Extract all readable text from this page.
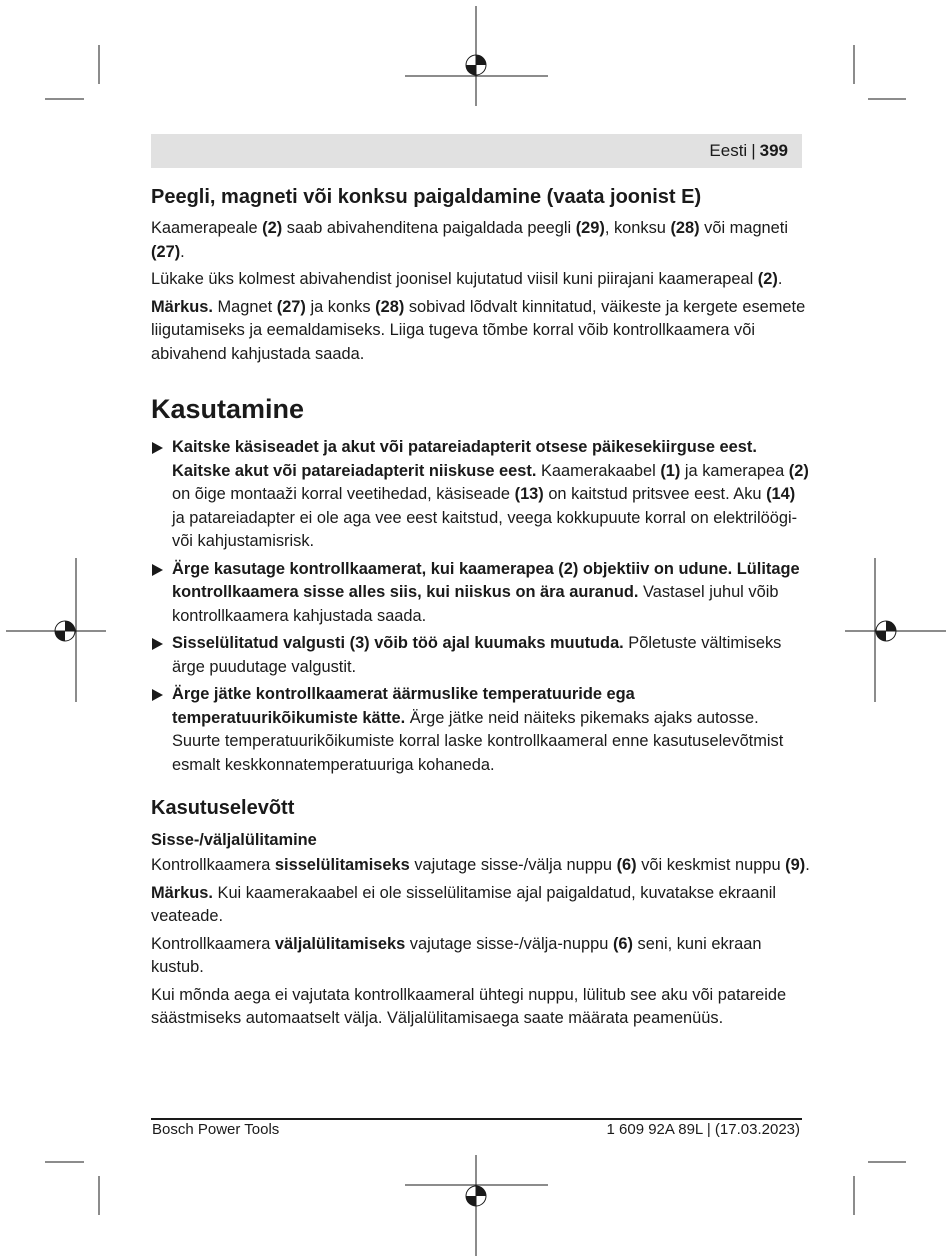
Eesti | 399
Peegli, magneti või konksu paigaldamine (vaata joonist E)

Kaamerapeale (2) saab abivahenditena paigaldada peegli (29), konksu (28) või magneti (27).

Lükake üks kolmest abivahendist joonisel kujutatud viisil kuni piirajani kaamerapeal (2).

Märkus. Magnet (27) ja konks (28) sobivad lõdvalt kinnitatud, väikeste ja kergete esemete liigutamiseks ja eemaldamiseks. Liiga tugeva tõmbe korral võib kontrollkaamera või abivahend kahjustada saada.

Kasutamine
Kaitske käsiseadet ja akut või patareiadapterit otsese päikesekiirguse eest. Kaitske akut või patareiadapterit niiskuse eest. Kaamerakaabel (1) ja kamerapea (2) on õige montaaži korral veetihedad, käsiseade (13) on kaitstud pritsvee eest. Aku (14) ja patareiadapter ei ole aga vee eest kaitstud, veega kokkupuute korral on elektrilöögi- või kahjustamisrisk.
Ärge kasutage kontrollkaamerat, kui kaamerapea (2) objektiiv on udune. Lülitage kontrollkaamera sisse alles siis, kui niiskus on ära auranud. Vastasel juhul võib kontrollkaamera kahjustada saada.
Sisselülitatud valgusti (3) võib töö ajal kuumaks muutuda. Põletuste vältimiseks ärge puudutage valgustit.
Ärge jätke kontrollkaamerat äärmuslike temperatuuride ega temperatuurikõikumiste kätte. Ärge jätke neid näiteks pikemaks ajaks autosse. Suurte temperatuurikõikumiste korral laske kontrollkaameral enne kasutuselevõtmist esmalt keskkonnatemperatuuriga kohaneda.
Kasutuselevõtt
Sisse-/väljalülitamine

Kontrollkaamera sisselülitamiseks vajutage sisse-/välja nuppu (6) või keskmist nuppu (9).

Märkus. Kui kaamerakaabel ei ole sisselülitamise ajal paigaldatud, kuvatakse ekraanil veateade.

Kontrollkaamera väljalülitamiseks vajutage sisse-/välja-nuppu (6) seni, kuni ekraan kustub.

Kui mõnda aega ei vajutata kontrollkaameral ühtegi nuppu, lülitub see aku või patareide säästmiseks automaatselt välja. Väljalülitamisaega saate määrata peamenüüs.

Bosch Power Tools	1 609 92A 89L | (17.03.2023)
